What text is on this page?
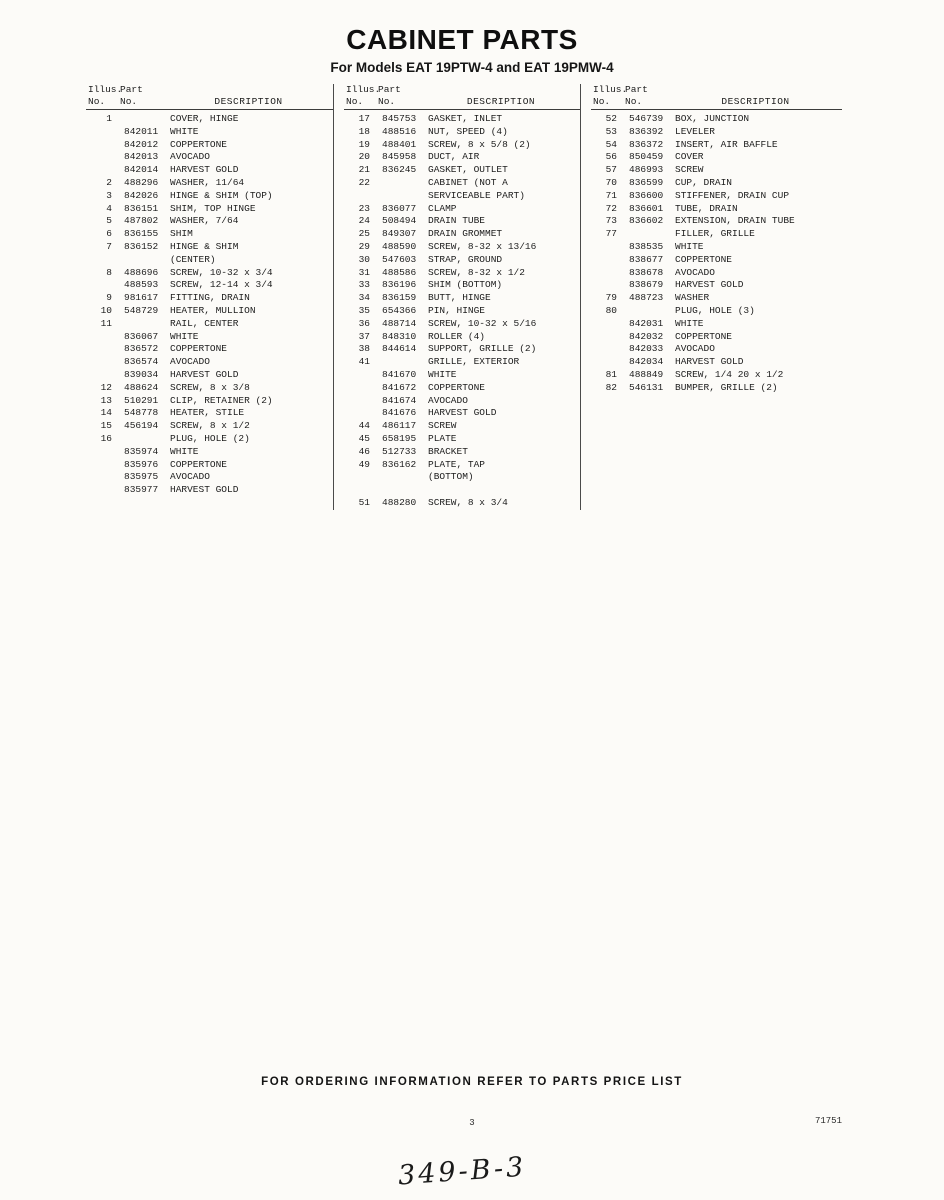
CABINET PARTS
For Models EAT 19PTW-4 and EAT 19PMW-4
Illus.
Part
No.	No.	DESCRIPTION
1	COVER, HINGE
842011	WHITE
842012	COPPERTONE
842013	AVOCADO
842014	HARVEST GOLD
2	488296	WASHER, 11/64
3	842026	HINGE & SHIM (TOP)
4	836151	SHIM, TOP HINGE
5	487802	WASHER, 7/64
6	836155	SHIM
7	836152	HINGE & SHIM
(CENTER)
8	488696	SCREW, 10-32 x 3/4
488593	SCREW, 12-14 x 3/4
9	981617	FITTING, DRAIN
10	548729	HEATER, MULLION
11	RAIL, CENTER
836067	WHITE
836572	COPPERTONE
836574	AVOCADO
839034	HARVEST GOLD
12	488624	SCREW, 8 x 3/8
13	510291	CLIP, RETAINER (2)
14	548778	HEATER, STILE
15	456194	SCREW, 8 x 1/2
16	PLUG, HOLE (2)
835974	WHITE
835976	COPPERTONE
835975	AVOCADO
835977	HARVEST GOLD
Illus.
Part
No.	No.	DESCRIPTION
17	845753	GASKET, INLET
18	488516	NUT, SPEED (4)
19	488401	SCREW, 8 x 5/8 (2)
20	845958	DUCT, AIR
21	836245	GASKET, OUTLET
22	CABINET (NOT A
SERVICEABLE PART)
23	836077	CLAMP
24	508494	DRAIN TUBE
25	849307	DRAIN GROMMET
29	488590	SCREW, 8-32 x 13/16
30	547603	STRAP, GROUND
31	488586	SCREW, 8-32 x 1/2
33	836196	SHIM (BOTTOM)
34	836159	BUTT, HINGE
35	654366	PIN, HINGE
36	488714	SCREW, 10-32 x 5/16
37	848310	ROLLER (4)
38	844614	SUPPORT, GRILLE (2)
41	GRILLE, EXTERIOR
841670	WHITE
841672	COPPERTONE
841674	AVOCADO
841676	HARVEST GOLD
44	486117	SCREW
45	658195	PLATE
46	512733	BRACKET
49	836162	PLATE, TAP
(BOTTOM)
51	488280	SCREW, 8 x 3/4
Illus.
Part
No.	No.	DESCRIPTION
52	546739	BOX, JUNCTION
53	836392	LEVELER
54	836372	INSERT, AIR BAFFLE
56	850459	COVER
57	486993	SCREW
70	836599	CUP, DRAIN
71	836600	STIFFENER, DRAIN CUP
72	836601	TUBE, DRAIN
73	836602	EXTENSION, DRAIN TUBE
77	FILLER, GRILLE
838535	WHITE
838677	COPPERTONE
838678	AVOCADO
838679	HARVEST GOLD
79	488723	WASHER
80	PLUG, HOLE (3)
842031	WHITE
842032	COPPERTONE
842033	AVOCADO
842034	HARVEST GOLD
81	488849	SCREW, 1/4 20 x 1/2
82	546131	BUMPER, GRILLE (2)
FOR ORDERING INFORMATION REFER TO PARTS PRICE LIST
3	71751
349-B-3
